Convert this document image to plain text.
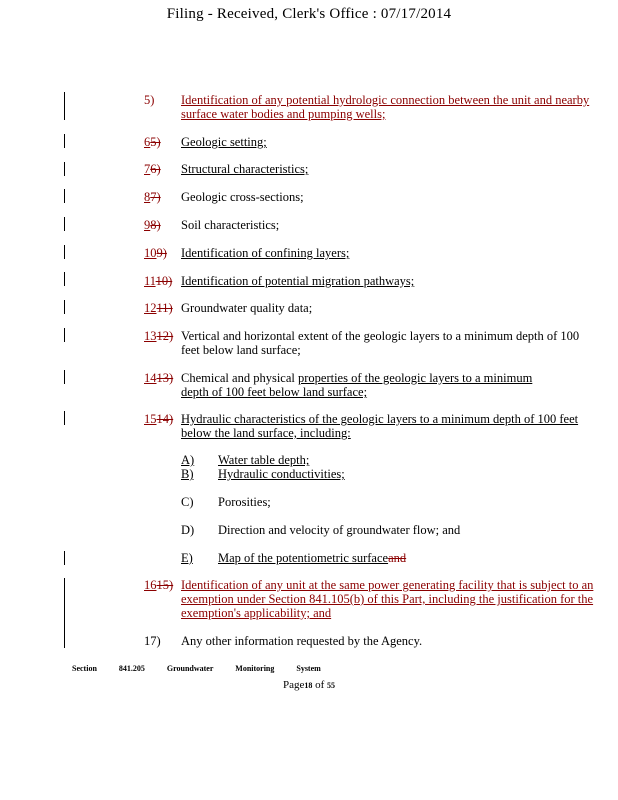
Filing - Received, Clerk's Office : 07/17/2014
5) Identification of any potential hydrologic connection between the unit and nearby surface water bodies and pumping wells;
65) Geologic setting;
76) Structural characteristics;
87) Geologic cross-sections;
98) Soil characteristics;
109) Identification of confining layers;
1110) Identification of potential migration pathways;
1211) Groundwater quality data;
1312) Vertical and horizontal extent of the geologic layers to a minimum depth of 100 feet below land surface;
1413) Chemical and physical properties of the geologic layers to a minimum
depth of 100 feet below land surface;
1514) Hydraulic characteristics of the geologic layers to a minimum depth of 100 feet below the land surface, including:
A) Water table depth;
B) Hydraulic conductivities;
C) Porosities;
D) Direction and velocity of groundwater flow; and
E) Map of the potentiometric surfaceand
1615) Identification of any unit at the same power generating facility that is subject to an exemption under Section 841.105(b) of this Part, including the justification for the exemption's applicability; and
17) Any other information requested by the Agency.
Section 841.205 Groundwater Monitoring System
Page18 of 55
